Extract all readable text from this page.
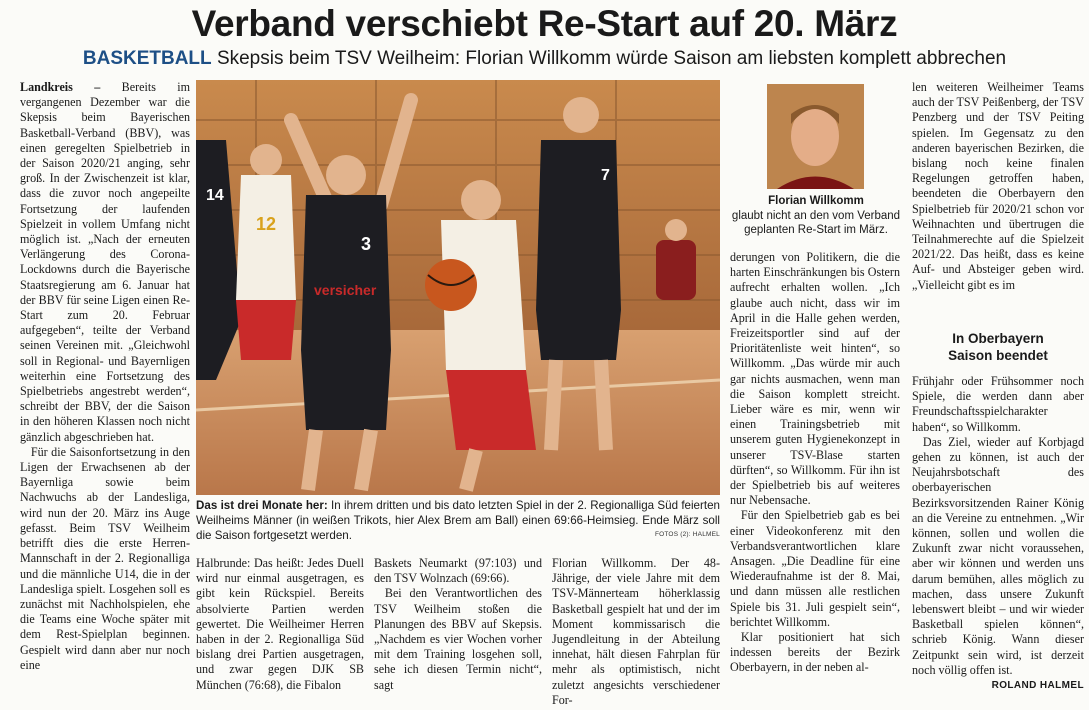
Verband verschiebt Re-Start auf 20. März
BASKETBALL Skepsis beim TSV Weilheim: Florian Willkomm würde Saison am liebsten komplett abbrechen

Landkreis – Bereits im vergangenen Dezember war die Skepsis beim Bayerischen Basketball-Verband (BBV), was einen geregelten Spielbetrieb in der Saison 2020/21 anging, sehr groß. In der Zwischenzeit ist klar, dass die zuvor noch angepeilte Fortsetzung der laufenden Spielzeit in vollem Umfang nicht möglich ist. „Nach der erneuten Verlängerung des Corona-Lockdowns durch die Bayerische Staatsregierung am 6. Januar hat der BBV für seine Ligen einen Re-Start zum 20. Februar aufgegeben“, teilte der Verband seinen Vereinen mit. „Gleichwohl soll in Regional- und Bayernligen weiterhin eine Fortsetzung des Spielbetriebs angestrebt werden“, schreibt der BBV, der die Saison in den höheren Klassen noch nicht gänzlich abgeschrieben hat.

Für die Saisonfortsetzung in den Ligen der Erwachsenen ab der Bayernliga sowie beim Nachwuchs ab der Landesliga, wird nun der 20. März ins Auge gefasst. Beim TSV Weilheim betrifft dies die erste Herren-Mannschaft in der 2. Regionalliga und die männliche U14, die in der Landesliga spielt. Losgehen soll es zunächst mit Nachholspielen, ehe die Teams eine Woche später mit dem Rest-Spielplan beginnen. Gespielt wird dann aber nur noch eine

14
12
3
versicher
7
Das ist drei Monate her: In ihrem dritten und bis dato letzten Spiel in der 2. Regionalliga Süd feierten Weilheims Männer (in weißen Trikots, hier Alex Brem am Ball) einen 69:66-Heimsieg. Ende März soll die Saison fortgesetzt werden.	FOTOS (2): HALMEL
Florian Willkomm
glaubt nicht an den vom Verband geplanten Re-Start im März.

Halbrunde: Das heißt: Jedes Duell wird nur einmal ausgetragen, es gibt kein Rückspiel. Bereits absolvierte Partien werden gewertet. Die Weilheimer Herren haben in der 2. Regionalliga Süd bislang drei Partien ausgetragen, und zwar gegen DJK SB München (76:68), die Fibalon

Baskets Neumarkt (97:103) und den TSV Wolnzach (69:66).

Bei den Verantwortlichen des TSV Weilheim stoßen die Planungen des BBV auf Skepsis. „Nachdem es vier Wochen vorher mit dem Training losgehen soll, sehe ich diesen Termin nicht“, sagt

Florian Willkomm. Der 48-Jährige, der viele Jahre mit dem TSV-Männerteam höherklassig Basketball gespielt hat und der im Moment kommissarisch die Jugendleitung in der Abteilung innehat, hält diesen Fahrplan für mehr als optimistisch, nicht zuletzt angesichts verschiedener For-

derungen von Politikern, die die harten Einschränkungen bis Ostern aufrecht erhalten wollen. „Ich glaube auch nicht, dass wir im April in die Halle gehen werden, Freizeitsportler sind auf der Prioritätenliste weit hinten“, so Willkomm. „Das würde mir auch gar nichts ausmachen, wenn man die Saison komplett streicht. Lieber wäre es mir, wenn wir einen Trainingsbetrieb mit unserem guten Hygienekonzept in unserer TSV-Blase starten dürften“, so Willkomm. Für ihn ist der Spielbetrieb bis auf weiteres nur Nebensache.

Für den Spielbetrieb gab es bei einer Videokonferenz mit den Verbandsverantwortlichen klare Ansagen. „Die Deadline für eine Wiederaufnahme ist der 8. Mai, und dann müssen alle restlichen Spiele bis 31. Juli gespielt sein“, berichtet Willkomm.

Klar positioniert hat sich indessen bereits der Bezirk Oberbayern, in der neben al-

len weiteren Weilheimer Teams auch der TSV Peißenberg, der TSV Penzberg und der TSV Peiting spielen. Im Gegensatz zu den anderen bayerischen Bezirken, die bislang noch keine finalen Regelungen getroffen haben, beendeten die Oberbayern den Spielbetrieb für 2020/21 schon vor Weihnachten und übertrugen die Teilnahmerechte auf die Spielzeit 2021/22. Das heißt, dass es keine Auf- und Absteiger geben wird. „Vielleicht gibt es im

In Oberbayern
Saison beendet

Frühjahr oder Frühsommer noch Spiele, die werden dann aber Freundschaftsspielcharakter haben“, so Willkomm.

Das Ziel, wieder auf Korbjagd gehen zu können, ist auch der Neujahrsbotschaft des oberbayerischen Bezirksvorsitzenden Rainer König an die Vereine zu entnehmen. „Wir können, sollen und wollen die Zukunft zwar nicht voraussehen, aber wir können und werden uns darum bemühen, alles möglich zu machen, dass unsere Zukunft lebenswert bleibt – und wir wieder Basketball spielen können“, schrieb König. Wann dieser Zeitpunkt sein wird, ist derzeit noch völlig offen ist.
ROLAND HALMEL
